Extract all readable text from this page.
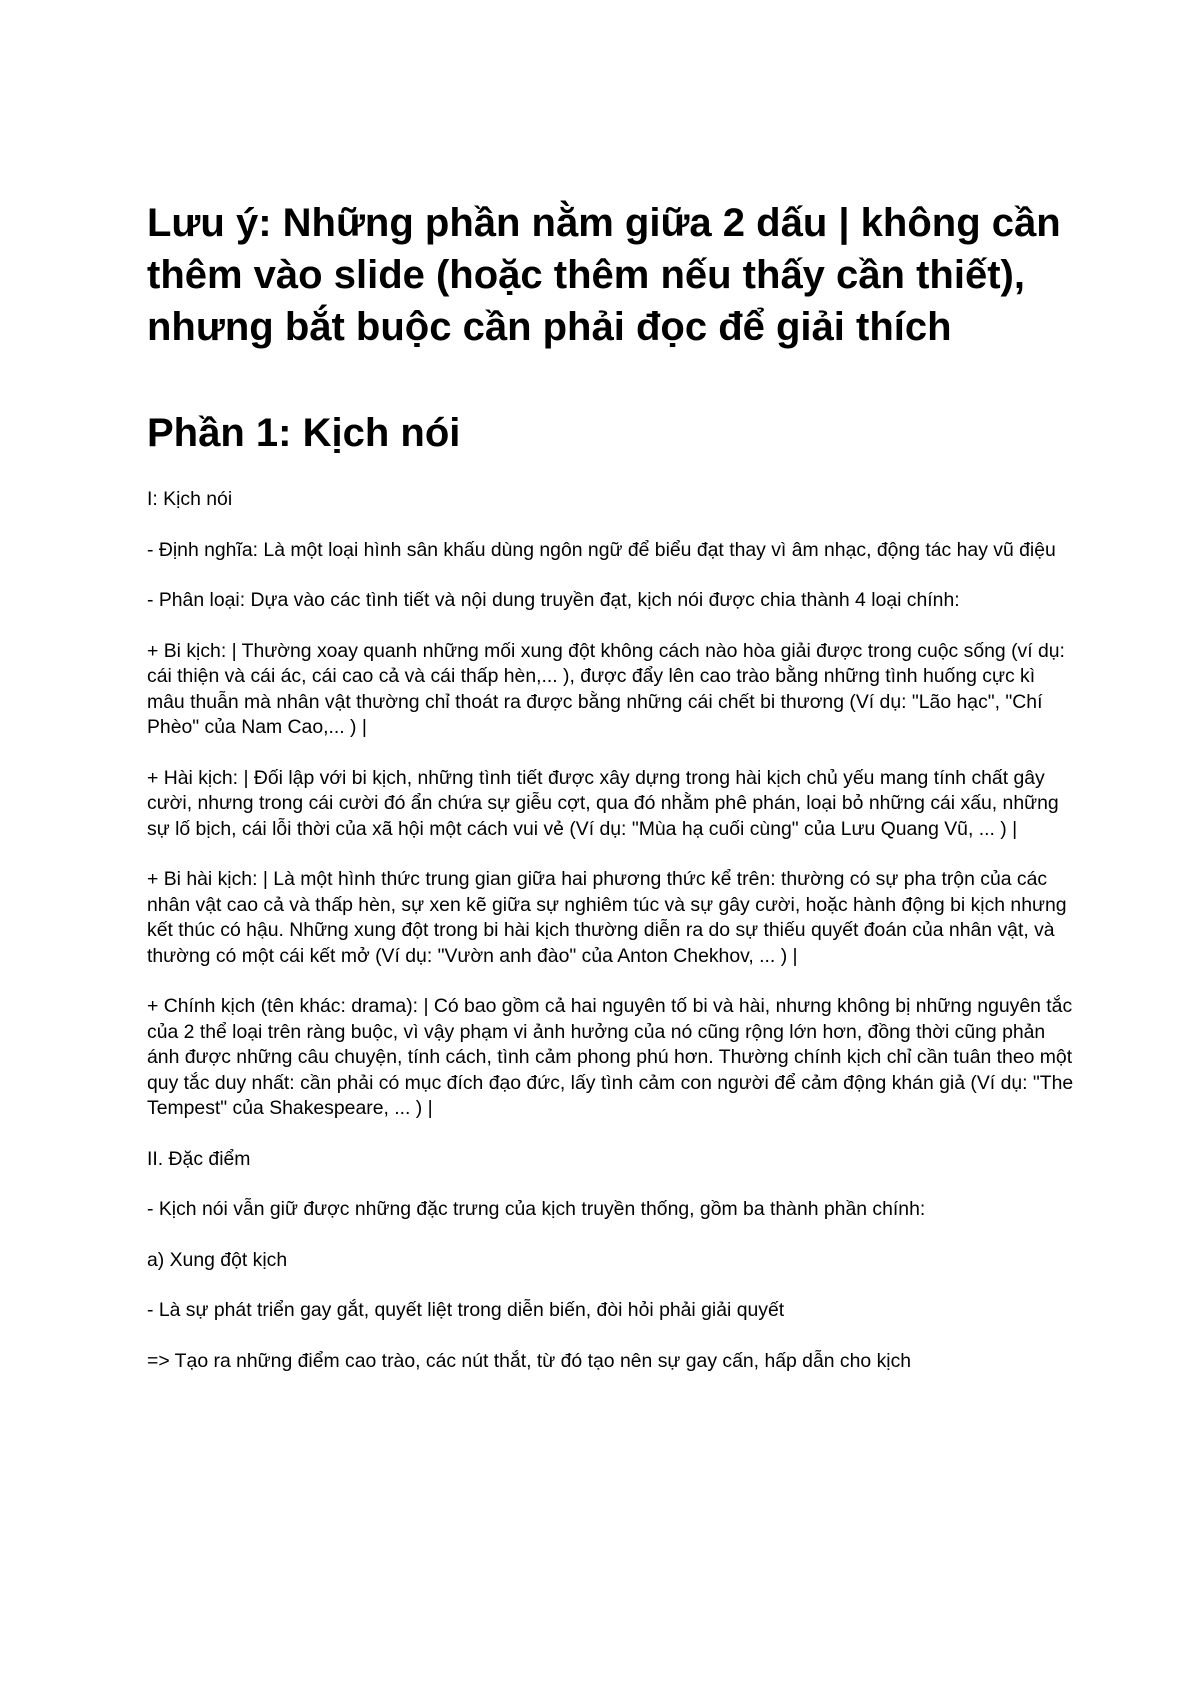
Lưu ý: Những phần nằm giữa 2 dấu | không cần thêm vào slide (hoặc thêm nếu thấy cần thiết), nhưng bắt buộc cần phải đọc để giải thích
Phần 1: Kịch nói

I: Kịch nói

- Định nghĩa: Là một loại hình sân khấu dùng ngôn ngữ để biểu đạt thay vì âm nhạc, động tác hay vũ điệu

- Phân loại: Dựa vào các tình tiết và nội dung truyền đạt, kịch nói được chia thành 4 loại chính:

+ Bi kịch: | Thường xoay quanh những mối xung đột không cách nào hòa giải được trong cuộc sống (ví dụ: cái thiện và cái ác, cái cao cả và cái thấp hèn,... ), được đẩy lên cao trào bằng những tình huống cực kì mâu thuẫn mà nhân vật thường chỉ thoát ra được bằng những cái chết bi thương (Ví dụ: "Lão hạc", "Chí Phèo" của Nam Cao,... ) |

+ Hài kịch: | Đối lập với bi kịch, những tình tiết được xây dựng trong hài kịch chủ yếu mang tính chất gây cười, nhưng trong cái cười đó ẩn chứa sự giễu cợt, qua đó nhằm phê phán, loại bỏ những cái xấu, những sự lố bịch, cái lỗi thời của xã hội một cách vui vẻ (Ví dụ: "Mùa hạ cuối cùng" của Lưu Quang Vũ, ... ) |

+ Bi hài kịch: | Là một hình thức trung gian giữa hai phương thức kể trên: thường có sự pha trộn của các nhân vật cao cả và thấp hèn, sự xen kẽ giữa sự nghiêm túc và sự gây cười, hoặc hành động bi kịch nhưng kết thúc có hậu. Những xung đột trong bi hài kịch thường diễn ra do sự thiếu quyết đoán của nhân vật, và thường có một cái kết mở (Ví dụ: "Vườn anh đào" của Anton Chekhov, ... ) |

+ Chính kịch (tên khác: drama): | Có bao gồm cả hai nguyên tố bi và hài, nhưng không bị những nguyên tắc của 2 thể loại trên ràng buộc, vì vậy phạm vi ảnh hưởng của nó cũng rộng lớn hơn, đồng thời cũng phản ánh được những câu chuyện, tính cách, tình cảm phong phú hơn. Thường chính kịch chỉ cần tuân theo một quy tắc duy nhất: cần phải có mục đích đạo đức, lấy tình cảm con người để cảm động khán giả (Ví dụ: "The Tempest" của Shakespeare, ... ) |

II. Đặc điểm

- Kịch nói vẫn giữ được những đặc trưng của kịch truyền thống, gồm ba thành phần chính:

a) Xung đột kịch

- Là sự phát triển gay gắt, quyết liệt trong diễn biến, đòi hỏi phải giải quyết

=> Tạo ra những điểm cao trào, các nút thắt, từ đó tạo nên sự gay cấn, hấp dẫn cho kịch
